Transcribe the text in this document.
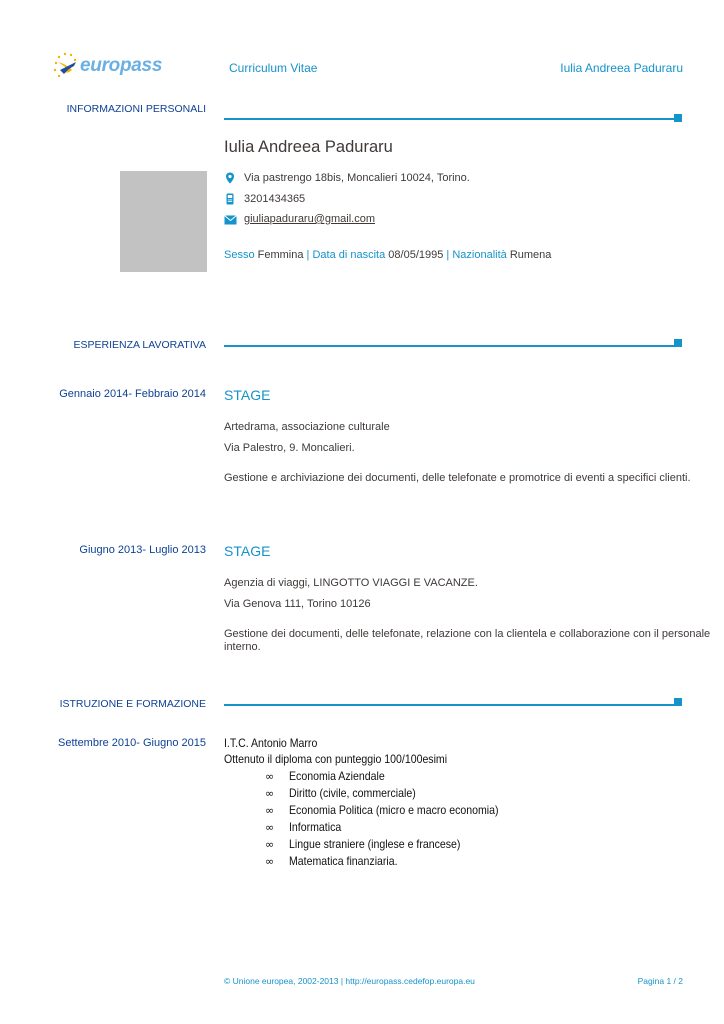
europass	Curriculum Vitae	Iulia Andreea Paduraru
INFORMAZIONI PERSONALI
Iulia Andreea Paduraru
Via pastrengo 18bis, Moncalieri 10024, Torino.
3201434365
giuliapaduraru@gmail.com
Sesso Femmina | Data di nascita 08/05/1995 | Nazionalità Rumena
ESPERIENZA LAVORATIVA
Gennaio 2014- Febbraio 2014 STAGE
Artedrama, associazione culturale
Via Palestro, 9. Moncalieri.
Gestione e archiviazione dei documenti, delle telefonate e promotrice di eventi a specifici clienti.
Giugno 2013- Luglio 2013 STAGE
Agenzia di viaggi, LINGOTTO VIAGGI E VACANZE.
Via Genova 111, Torino 10126
Gestione dei documenti, delle telefonate, relazione con la clientela e collaborazione con il personale
interno.
ISTRUZIONE E FORMAZIONE
Settembre 2010- Giugno 2015 I.T.C. Antonio Marro
Ottenuto il diploma con punteggio 100/100esimi
∞ Economia Aziendale
∞ Diritto (civile, commerciale)
∞ Economia Politica (micro e macro economia)
∞ Informatica
∞ Lingue straniere (inglese e francese)
∞ Matematica finanziaria.
© Unione europea, 2002-2013 | http://europass.cedefop.europa.eu	Pagina 1 / 2
